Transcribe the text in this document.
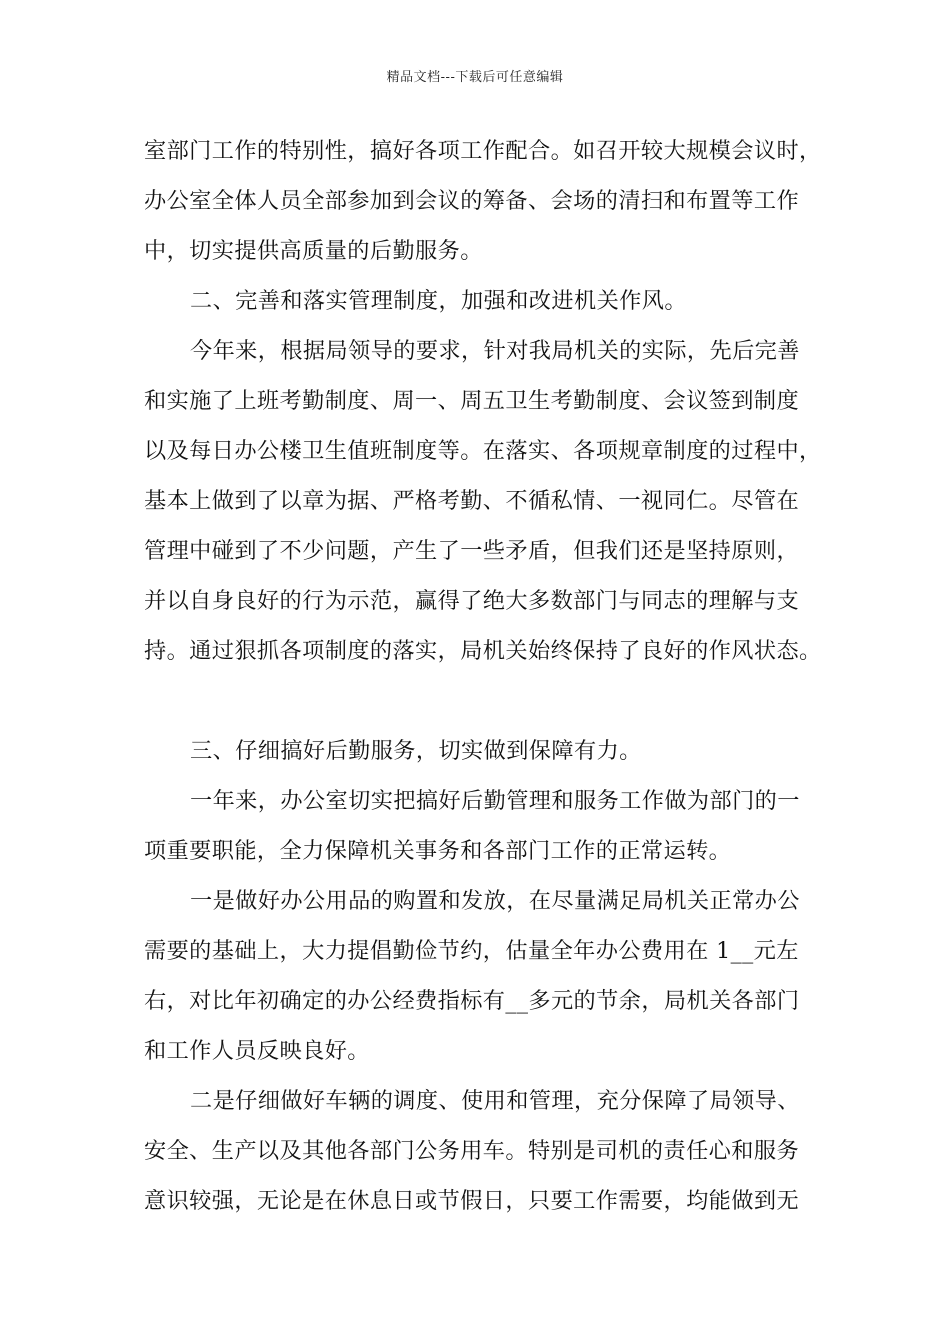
精品文档---下载后可任意编辑
室部门工作的特别性，搞好各项工作配合。如召开较大规模会议时，
办公室全体人员全部参加到会议的筹备、会场的清扫和布置等工作
中，切实提供高质量的后勤服务。
二、完善和落实管理制度，加强和改进机关作风。
今年来，根据局领导的要求，针对我局机关的实际，先后完善
和实施了上班考勤制度、周一、周五卫生考勤制度、会议签到制度
以及每日办公楼卫生值班制度等。在落实、各项规章制度的过程中，
基本上做到了以章为据、严格考勤、不循私情、一视同仁。尽管在
管理中碰到了不少问题，产生了一些矛盾，但我们还是坚持原则，
并以自身良好的行为示范，赢得了绝大多数部门与同志的理解与支
持。通过狠抓各项制度的落实，局机关始终保持了良好的作风状态。
三、仔细搞好后勤服务，切实做到保障有力。
一年来，办公室切实把搞好后勤管理和服务工作做为部门的一
项重要职能，全力保障机关事务和各部门工作的正常运转。
一是做好办公用品的购置和发放，在尽量满足局机关正常办公
需要的基础上，大力提倡勤俭节约，估量全年办公费用在 1__元左
右，对比年初确定的办公经费指标有__多元的节余，局机关各部门
和工作人员反映良好。
二是仔细做好车辆的调度、使用和管理，充分保障了局领导、
安全、生产以及其他各部门公务用车。特别是司机的责任心和服务
意识较强，无论是在休息日或节假日，只要工作需要，均能做到无
